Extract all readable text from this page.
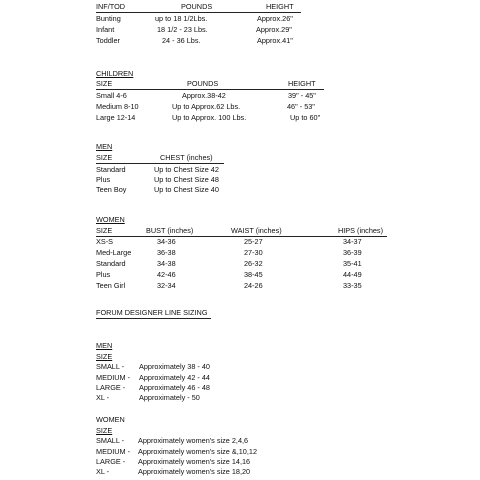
INF/TOD	POUNDS	HEIGHT
Bunting	up to 18 1/2Lbs.	Approx.26"
Infant	18 1/2 - 23 Lbs.	Approx.29"
Toddler	24 - 36 Lbs.	Approx.41"
CHILDREN
SIZE	POUNDS	HEIGHT
Small 4-6	Approx.38-42	39" - 45"
Medium 8-10	Up to Approx.62 Lbs.	46" - 53"
Large 12-14	Up to Approx. 100 Lbs.	Up to 60"
MEN
SIZE	CHEST (inches)
Standard	Up to Chest Size 42
Plus	Up to Chest Size 48
Teen Boy	Up to Chest Size 40
WOMEN
SIZE	BUST (inches)	WAIST (inches)	HIPS (inches)
XS-S	34-36	25-27	34-37
Med-Large	36-38	27-30	36-39
Standard	34-38	26-32	35-41
Plus	42-46	38-45	44-49
Teen Girl	32-34	24-26	33-35
FORUM DESIGNER LINE SIZING
MEN
SIZE
SMALL - Approximately 38 - 40
MEDIUM - Approximately 42 - 44
LARGE - Approximately 46 - 48
XL -	Approximately - 50
WOMEN
SIZE
SMALL - Approximately women's size 2,4,6
MEDIUM - Approximately women's size &,10,12
LARGE - Approximately women's size 14,16
XL -	Approximately women's size 18,20
